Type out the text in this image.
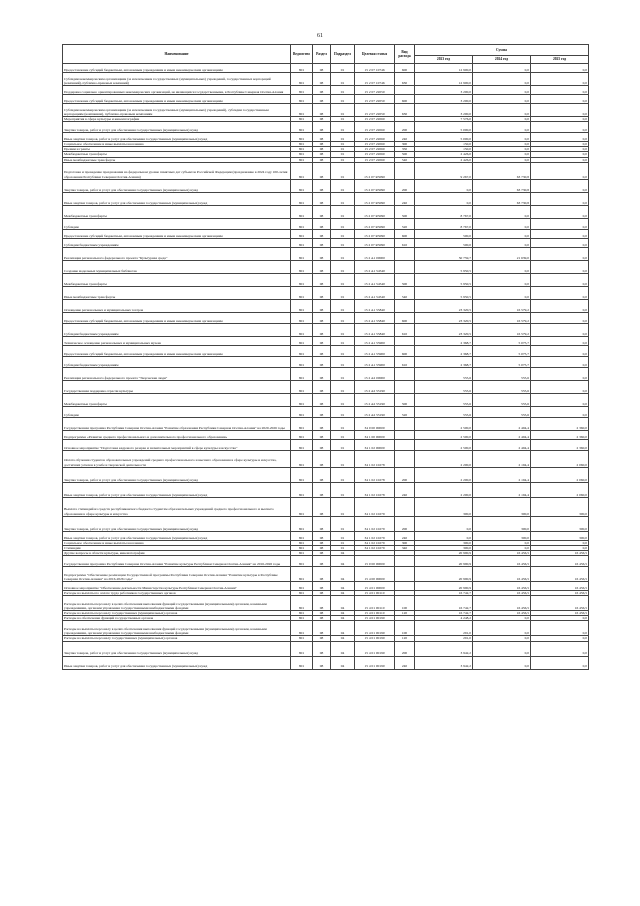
61
Наименование	Ведомство	Раздел	Подраздел	Целевая статья	Вид расхода	Сумма		
						2023 год	2024 год	2025 год
Предоставление субсидий бюджетным, автономным учреждениям и иным некоммерческим организациям	801	08	01	15 2 07 10746	600	12 900,0	0,0	0,0
Субсидии некоммерческим организациям (за исключением государственных (муниципальных) учреждений, государственных корпораций (компаний), публично-правовых компаний)	801	08	01	15 2 07 10746	630	12 900,0	0,0	0,0
Поддержка социально ориентированных некоммерческих организаций, не являющихся государственными, в Республике Северная Осетия-Алания	801	08	01	15 2 07 22050		3 200,0	0,0	0,0
Предоставление субсидий бюджетным, автономным учреждениям и иным некоммерческим организациям	801	08	01	15 2 07 22050	600	3 200,0	0,0	0,0
Субсидии некоммерческим организациям (за исключением государственных (муниципальных) учреждений), субсидии государственным корпорациям (компаниям), публично-правовым компаниям	801	08	01	15 2 07 22050	630	3 200,0	0,0	0,0
Мероприятия в сфере культуры и кинематографии	801	08	01	15 2 07 22060		7 576,0	0,0	0,0
Закупка товаров, работ и услуг для обеспечения государственных (муниципальных) нужд	801	08	01	15 2 07 22060	200	5 000,0	0,0	0,0
Иные закупки товаров, работ и услуг для обеспечения государственных (муниципальных) нужд	801	08	01	15 2 07 22060	240	5 000,0	0,0	0,0
Социальное обеспечение и иные выплаты населению	801	08	01	15 2 07 22060	300	150,0	0,0	0,0
Премии и гранты	801	08	01	15 2 07 22060	350	150,0	0,0	0,0
Межбюджетные трансферты	801	08	01	15 2 07 22060	500	2 426,0	0,0	0,0
Иные межбюджетные трансферты	801	08	01	15 2 07 22060	540	2 426,0	0,0	0,0
Подготовка и проведение празднования на федеральном уровне памятных дат субъектов Российской Федерации (празднование в 2024 году 100-летия образования Республики Северная Осетия-Алания)	801	08	01	15 2 07 R5090		9 267,0	63 730,8	0,0
Закупка товаров, работ и услуг для обеспечения государственных (муниципальных) нужд	801	08	01	15 2 07 R5090	200	0,0	63 730,8	0,0
Иные закупки товаров, работ и услуг для обеспечения государственных (муниципальных) нужд	801	08	01	15 2 07 R5090	240	0,0	63 730,8	0,0
Межбюджетные трансферты	801	08	01	15 2 07 R5090	500	8 767,0	0,0	0,0
Субсидии	801	08	01	15 2 07 R5090	520	8 767,0	0,0	0,0
Предоставление субсидий бюджетным, автономным учреждениям и иным некоммерческим организациям	801	08	01	15 2 07 R5090	600	500,0	0,0	0,0
Субсидии бюджетным учреждениям	801	08	01	15 2 07 R5090	610	500,0	0,0	0,0
Реализация регионального федерального проекта "Культурная среда"	801	08	01	15 2 A1 00000		50 759,7	21 639,0	0,0
Создание модельных муниципальных библиотек	801	08	01	15 2 A1 54540		5 950,5	0,0	0,0
Межбюджетные трансферты	801	08	01	15 2 A1 54540	500	5 950,5	0,0	0,0
Иные межбюджетные трансферты	801	08	01	15 2 A1 54540	540	5 950,5	0,0	0,0
Оснащение региональных и муниципальных театров	801	08	01	15 2 A1 55840		23 320,5	16 579,2	0,0
Предоставление субсидий бюджетным, автономным учреждениям и иным некоммерческим организациям	801	08	01	15 2 A1 55840	600	23 320,5	16 579,2	0,0
Субсидии бюджетным учреждениям	801	08	01	15 2 A1 55840	610	23 320,5	16 579,2	0,0
Техническое оснащение региональных и муниципальных музеев	801	08	01	15 2 A1 55900		2 368,7	5 075,7	0,0
Предоставление субсидий бюджетным, автономным учреждениям и иным некоммерческим организациям	801	08	01	15 2 A1 55900	600	2 368,7	5 075,7	0,0
Субсидии бюджетным учреждениям	801	08	01	15 2 A1 55900	610	2 368,7	5 075,7	0,0
Реализация регионального федерального проекта "Творческие люди"	801	08	01	15 2 A2 00000		555,6	555,6	0,0
Государственная поддержка отрасли культуры	801	08	01	15 2 A2 55190		555,6	555,6	0,0
Межбюджетные трансферты	801	08	01	15 2 A2 55190	500	555,6	555,6	0,0
Субсидии	801	08	01	15 2 A2 55190	520	555,6	555,6	0,0
Государственная программа Республики Северная Осетия-Алания "Развитие образования Республики Северная Осетия-Алания" на 2020-2026 годы	801	08	01	34 0 00 00000		2 500,0	2 494,4	2 360,0
Подпрограмма «Развитие среднего профессионального и дополнительного профессионального образования»	801	08	01	34 1 00 00000		2 500,0	2 494,4	2 360,0
Основное мероприятие "Подготовка кадрового резерва и значительных мероприятий в сфере культуры и искусства"	801	08	01	34 1 02 00000		2 500,0	2 494,4	2 360,0
Оплата обучения студентов образовательных учреждений среднего профессионального и высшего образования в сфере культуры и искусства, достигших успехов в учебе и творческой деятельности	801	08	01	34 1 02 10278		2 200,0	2 194,4	2 060,0
Закупка товаров, работ и услуг для обеспечения государственных (муниципальных) нужд	801	08	01	34 1 02 10278	200	2 200,0	2 194,4	2 060,0
Иные закупки товаров, работ и услуг для обеспечения государственных (муниципальных) нужд	801	08	01	34 1 02 10278	240	2 200,0	2 194,4	2 060,0
Выплата стипендий из средств республиканского бюджета студентам образовательных учреждений среднего профессионального и высшего образования в сфере культуры и искусства	801	08	01	34 1 02 10279		300,0	300,0	300,0
Закупка товаров, работ и услуг для обеспечения государственных (муниципальных) нужд	801	08	01	34 1 02 10279	200	0,0	300,0	300,0
Иные закупки товаров, работ и услуг для обеспечения государственных (муниципальных) нужд	801	08	01	34 1 02 10279	240	0,0	300,0	300,0
Социальное обеспечение и иные выплаты населению	801	08	01	34 1 02 10279	300	300,0	0,0	0,0
Стипендии	801	08	01	34 1 02 10279	340	300,0	0,0	0,0
Другие вопросы в области культуры, кинематографии	801	08	04			20 990,9	16 456,5	16 456,5
Государственная программа Республики Северная Осетия-Алания "Развитие культуры Республики Северная Осетия-Алания" на 2016-2026 годы	801	08	04	15 0 00 00000		20 990,9	16 456,5	16 456,5
Подпрограмма "Обеспечение реализации Государственной программы Республики Северная Осетия-Алания "Развитие культуры в Республике Северная Осетия-Алания" на 2016-2026 годы"	801	08	04	15 4 00 00000		20 990,9	16 456,5	16 456,5
Основное мероприятие "Обеспечение деятельности Министерства культуры Республики Северная Осетия-Алания"	801	08	04	15 4 01 00000		20 990,9	16 456,5	16 456,5
Расходы на выплаты по оплате труда работников государственных органов	801	08	04	15 4 01 00110		16 742,7	16 456,5	16 456,5
Расходы на выплаты персоналу в целях обеспечения выполнения функций государственными (муниципальными) органами, казенными учреждениями, органами управления государственными внебюджетными фондами	801	08	04	15 4 01 00110	100	16 742,7	16 456,5	16 456,5
Расходы на выплаты персоналу государственных (муниципальных) органов	801	08	04	15 4 01 00110	120	16 742,7	16 456,5	16 456,5
Расходы на обеспечение функций государственных органов	801	08	04	15 4 01 00190		4 248,2	0,0	0,0
Расходы на выплаты персоналу в целях обеспечения выполнения функций государственными (муниципальными) органами, казенными учреждениями, органами управления государственными внебюджетными фондами	801	08	04	15 4 01 00190	100	291,0	0,0	0,0
Расходы на выплаты персоналу государственных (муниципальных) органов	801	08	04	15 4 01 00190	120	291,0	0,0	0,0
Закупка товаров, работ и услуг для обеспечения государственных (муниципальных) нужд	801	08	04	15 4 01 00190	200	3 942,2	0,0	0,0
Иные закупки товаров, работ и услуг для обеспечения государственных (муниципальных) нужд	801	08	04	15 4 01 00190	240	3 942,2	0,0	0,0
